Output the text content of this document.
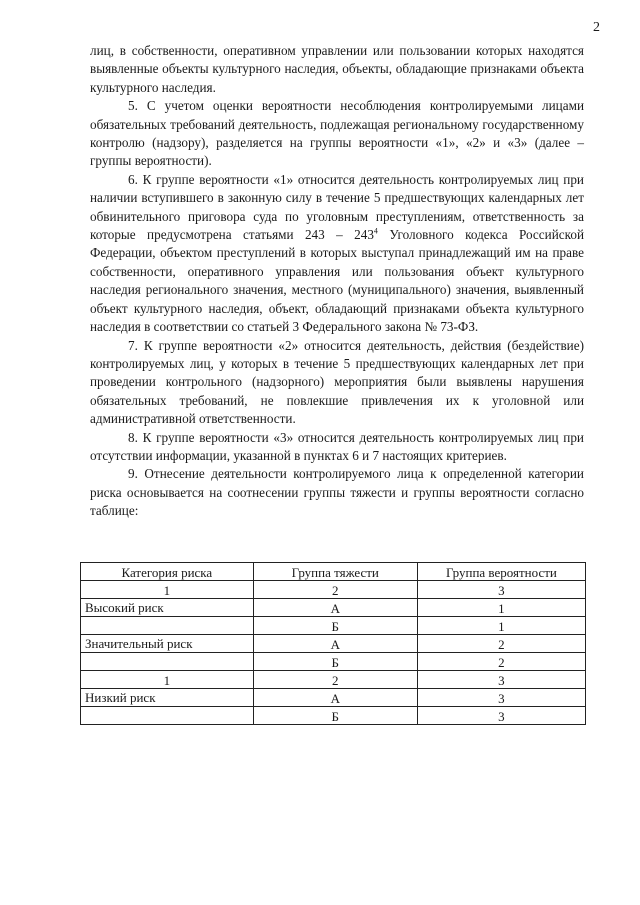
2

лиц, в собственности, оперативном управлении или пользовании которых находятся выявленные объекты культурного наследия, объекты, обладающие признаками объекта культурного наследия.

5. С учетом оценки вероятности несоблюдения контролируемыми лицами обязательных требований деятельность, подлежащая региональному государственному контролю (надзору), разделяется на группы вероятности «1», «2» и «3» (далее – группы вероятности).

6. К группе вероятности «1» относится деятельность контролируемых лиц при наличии вступившего в законную силу в течение 5 предшествующих календарных лет обвинительного приговора суда по уголовным преступлениям, ответственность за которые предусмотрена статьями $243 - 243^4$ Уголовного кодекса Российской Федерации, объектом преступлений в которых выступал принадлежащий им на праве собственности, оперативного управления или пользования объект культурного наследия регионального значения, местного (муниципального) значения, выявленный объект культурного наследия, объект, обладающий признаками объекта культурного наследия в соответствии со статьей 3 Федерального закона № 73-ФЗ.

7. К группе вероятности «2» относится деятельность, действия (бездействие) контролируемых лиц, у которых в течение 5 предшествующих календарных лет при проведении контрольного (надзорного) мероприятия были выявлены нарушения обязательных требований, не повлекшие привлечения их к уголовной или административной ответственности.

8. К группе вероятности «3» относится деятельность контролируемых лиц при отсутствии информации, указанной в пунктах 6 и 7 настоящих критериев.

9. Отнесение деятельности контролируемого лица к определенной категории риска основывается на соотнесении группы тяжести и группы вероятности согласно таблице:

Категория риска	Группа тяжести	Группа вероятности
1	2	3
Высокий риск	А	1
	Б	1
Значительный риск	А	2
	Б	2
1	2	3
Низкий риск	А	3
	Б	3
